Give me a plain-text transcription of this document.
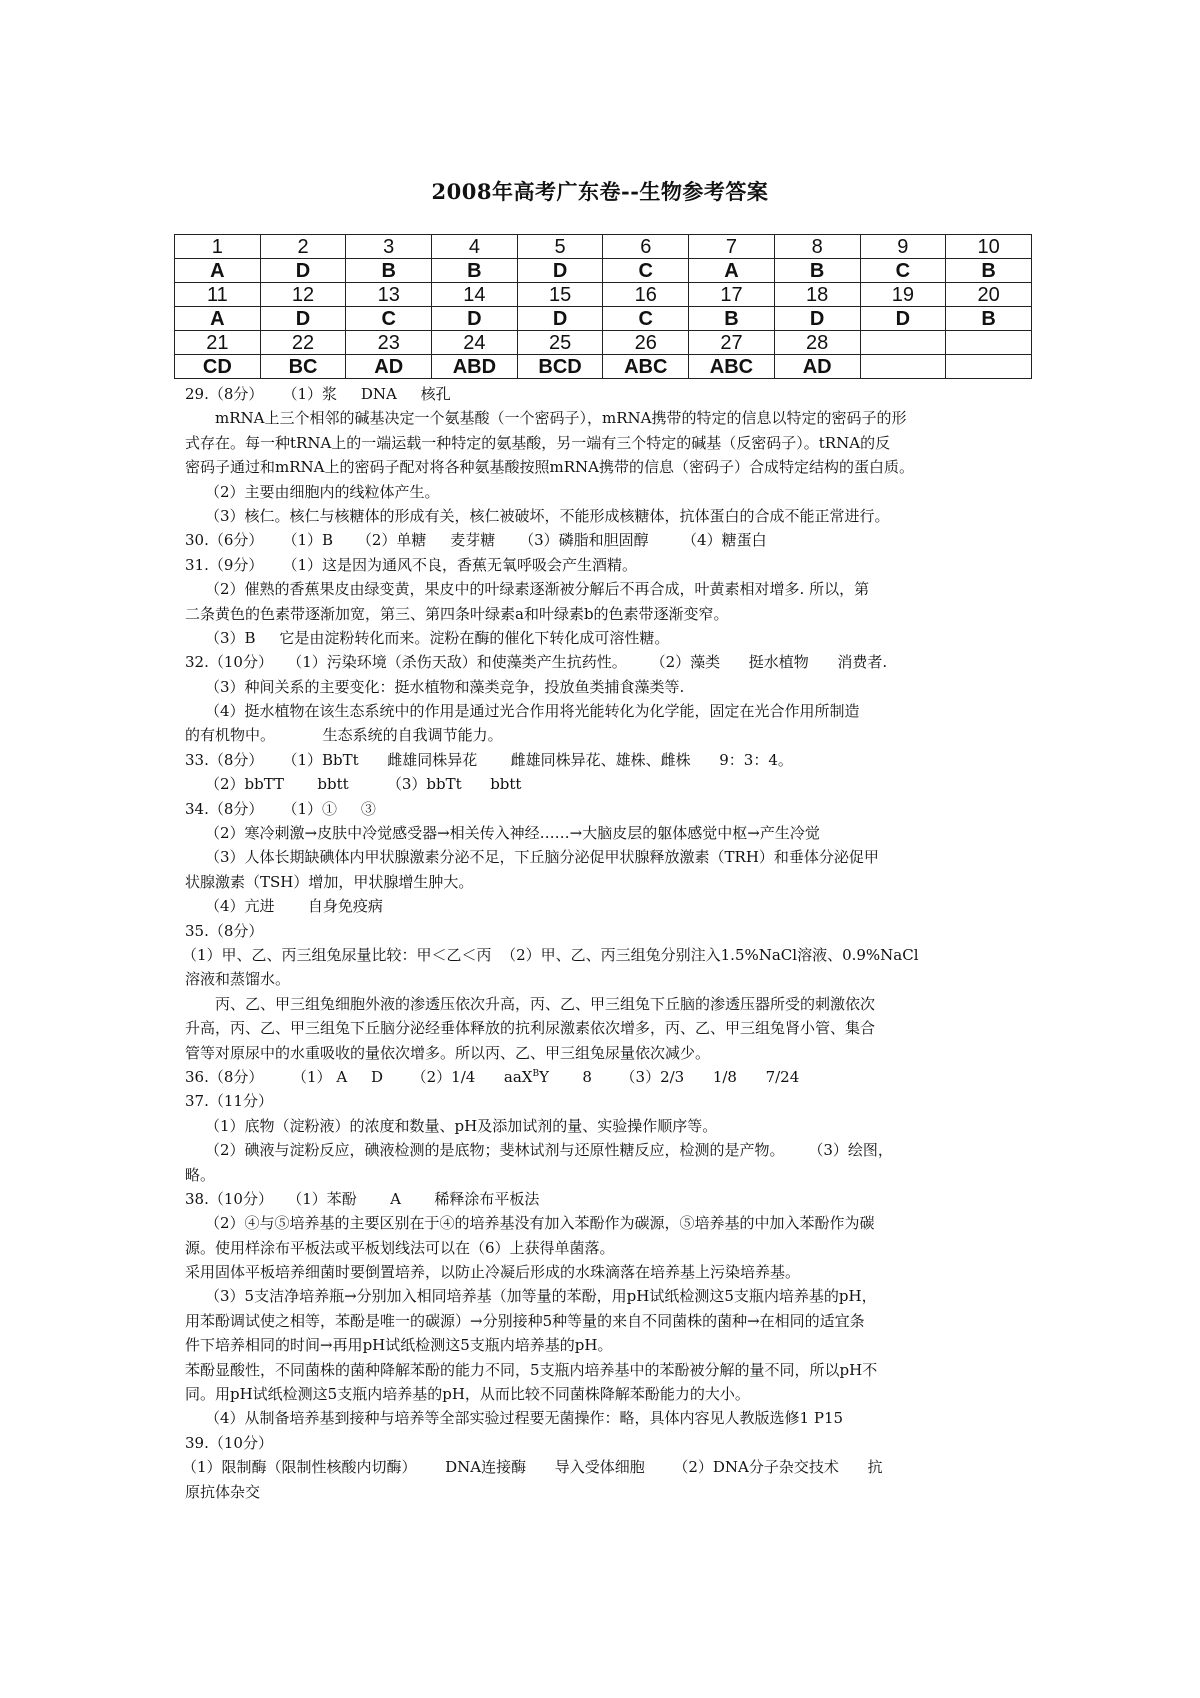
2008年高考广东卷--生物参考答案
1	2	3	4	5	6	7	8	9	10
A	D	B	B	D	C	A	B	C	B
11	12	13	14	15	16	17	18	19	20
A	D	C	D	D	C	B	D	D	B
21	22	23	24	25	26	27	28		
CD	BC	AD	ABD	BCD	ABC	ABC	AD		
29.（8分）    （1）浆     DNA     核孔
mRNA上三个相邻的碱基决定一个氨基酸（一个密码子），mRNA携带的特定的信息以特定的密码子的形
式存在。每一种tRNA上的一端运载一种特定的氨基酸，另一端有三个特定的碱基（反密码子）。tRNA的反
密码子通过和mRNA上的密码子配对将各种氨基酸按照mRNA携带的信息（密码子）合成特定结构的蛋白质。
（2）主要由细胞内的线粒体产生。
（3）核仁。核仁与核糖体的形成有关，核仁被破坏，不能形成核糖体，抗体蛋白的合成不能正常进行。
30.（6分）    （1）B     （2）单糖     麦芽糖     （3）磷脂和胆固醇       （4）糖蛋白
31.（9分）    （1）这是因为通风不良，香蕉无氧呼吸会产生酒精。
（2）催熟的香蕉果皮由绿变黄，果皮中的叶绿素逐渐被分解后不再合成，叶黄素相对增多. 所以，第
二条黄色的色素带逐渐加宽，第三、第四条叶绿素a和叶绿素b的色素带逐渐变窄。
（3）B     它是由淀粉转化而来。淀粉在酶的催化下转化成可溶性糖。
32.（10分）   （1）污染环境（杀伤天敌）和使藻类产生抗药性。     （2）藻类      挺水植物      消费者.
（3）种间关系的主要变化：挺水植物和藻类竞争，投放鱼类捕食藻类等.
（4）挺水植物在该生态系统中的作用是通过光合作用将光能转化为化学能，固定在光合作用所制造
的有机物中。          生态系统的自我调节能力。
33.（8分）    （1）BbTt      雌雄同株异花       雌雄同株异花、雄株、雌株      9：3：4。
（2）bbTT       bbtt        （3）bbTt      bbtt
34.（8分）    （1）①     ③
（2）寒冷刺激→皮肤中冷觉感受器→相关传入神经……→大脑皮层的躯体感觉中枢→产生冷觉
（3）人体长期缺碘体内甲状腺激素分泌不足，下丘脑分泌促甲状腺释放激素（TRH）和垂体分泌促甲
状腺激素（TSH）增加，甲状腺增生肿大。
（4）亢进       自身免疫病
35.（8分）
（1）甲、乙、丙三组兔尿量比较：甲＜乙＜丙  （2）甲、乙、丙三组兔分别注入1.5%NaCl溶液、0.9%NaCl
溶液和蒸馏水。
丙、乙、甲三组兔细胞外液的渗透压依次升高，丙、乙、甲三组兔下丘脑的渗透压器所受的刺激依次
升高，丙、乙、甲三组兔下丘脑分泌经垂体释放的抗利尿激素依次增多，丙、乙、甲三组兔肾小管、集合
管等对原尿中的水重吸收的量依次增多。所以丙、乙、甲三组兔尿量依次减少。
36.（8分）      （1） A     D      （2）1/4      aaX$^B$Y       8      （3）2/3      1/8      7/24
37.（11分）
（1）底物（淀粉液）的浓度和数量、pH及添加试剂的量、实验操作顺序等。
（2）碘液与淀粉反应，碘液检测的是底物；斐林试剂与还原性糖反应，检测的是产物。     （3）绘图，
略。
38.（10分）   （1）苯酚       A       稀释涂布平板法
（2）④与⑤培养基的主要区别在于④的培养基没有加入苯酚作为碳源，⑤培养基的中加入苯酚作为碳
源。使用样涂布平板法或平板划线法可以在（6）上获得单菌落。
采用固体平板培养细菌时要倒置培养，以防止冷凝后形成的水珠滴落在培养基上污染培养基。
（3）5支洁净培养瓶→分别加入相同培养基（加等量的苯酚，用pH试纸检测这5支瓶内培养基的pH，
用苯酚调试使之相等，苯酚是唯一的碳源）→分别接种5种等量的来自不同菌株的菌种→在相同的适宜条
件下培养相同的时间→再用pH试纸检测这5支瓶内培养基的pH。
苯酚显酸性，不同菌株的菌种降解苯酚的能力不同，5支瓶内培养基中的苯酚被分解的量不同，所以pH不
同。用pH试纸检测这5支瓶内培养基的pH，从而比较不同菌株降解苯酚能力的大小。
（4）从制备培养基到接种与培养等全部实验过程要无菌操作：略，具体内容见人教版选修1 P15
39.（10分）
（1）限制酶（限制性核酸内切酶）      DNA连接酶      导入受体细胞      （2）DNA分子杂交技术      抗
原抗体杂交
